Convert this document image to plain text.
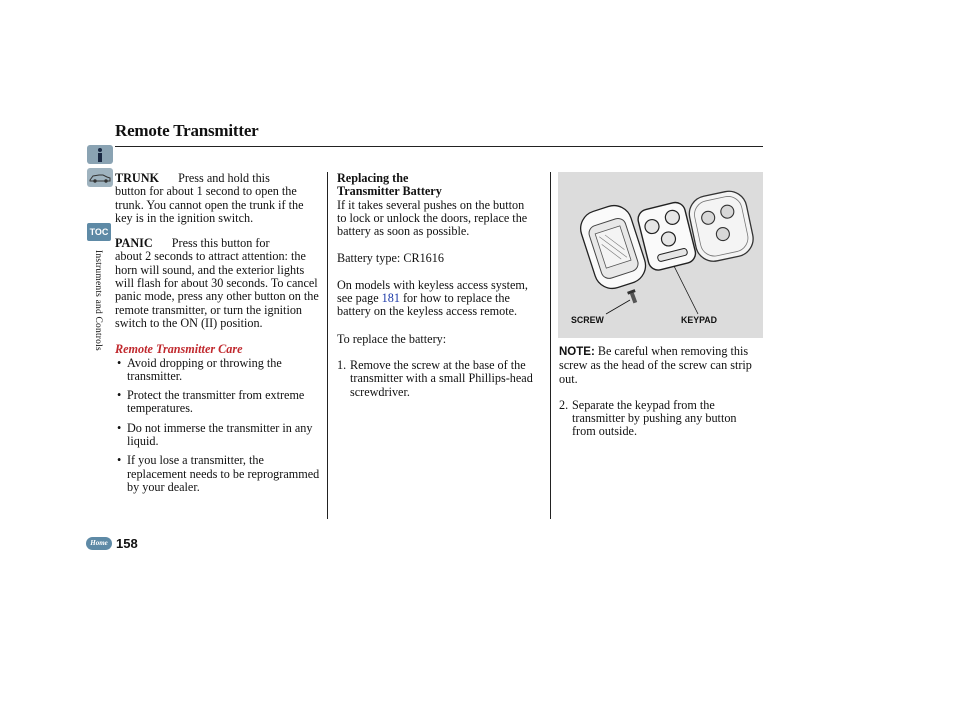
Remote Transmitter
TOC
Instruments and Controls

TRUNK Press and hold this
button for about 1 second to open the trunk. You cannot open the trunk if the key is in the ignition switch.

PANIC Press this button for
about 2 seconds to attract attention: the horn will sound, and the exterior lights will flash for about 30 seconds. To cancel panic mode, press any other button on the remote transmitter, or turn the ignition switch to the ON (II) position.

Remote Transmitter Care

• Avoid dropping or throwing the transmitter.
• Protect the transmitter from extreme temperatures.
• Do not immerse the transmitter in any liquid.
• If you lose a transmitter, the replacement needs to be reprogrammed by your dealer.

Replacing the

Transmitter Battery

If it takes several pushes on the button to lock or unlock the doors, replace the battery as soon as possible.

Battery type: CR1616

On models with keyless access system, see page 181 for how to replace the battery on the keyless access remote.

To replace the battery:

1. Remove the screw at the base of the transmitter with a small Phillips-head screwdriver.
SCREW	KEYPAD

NOTE: Be careful when removing this screw as the head of the screw can strip out.

2. Separate the keypad from the transmitter by pushing any button from outside.
Home 158
